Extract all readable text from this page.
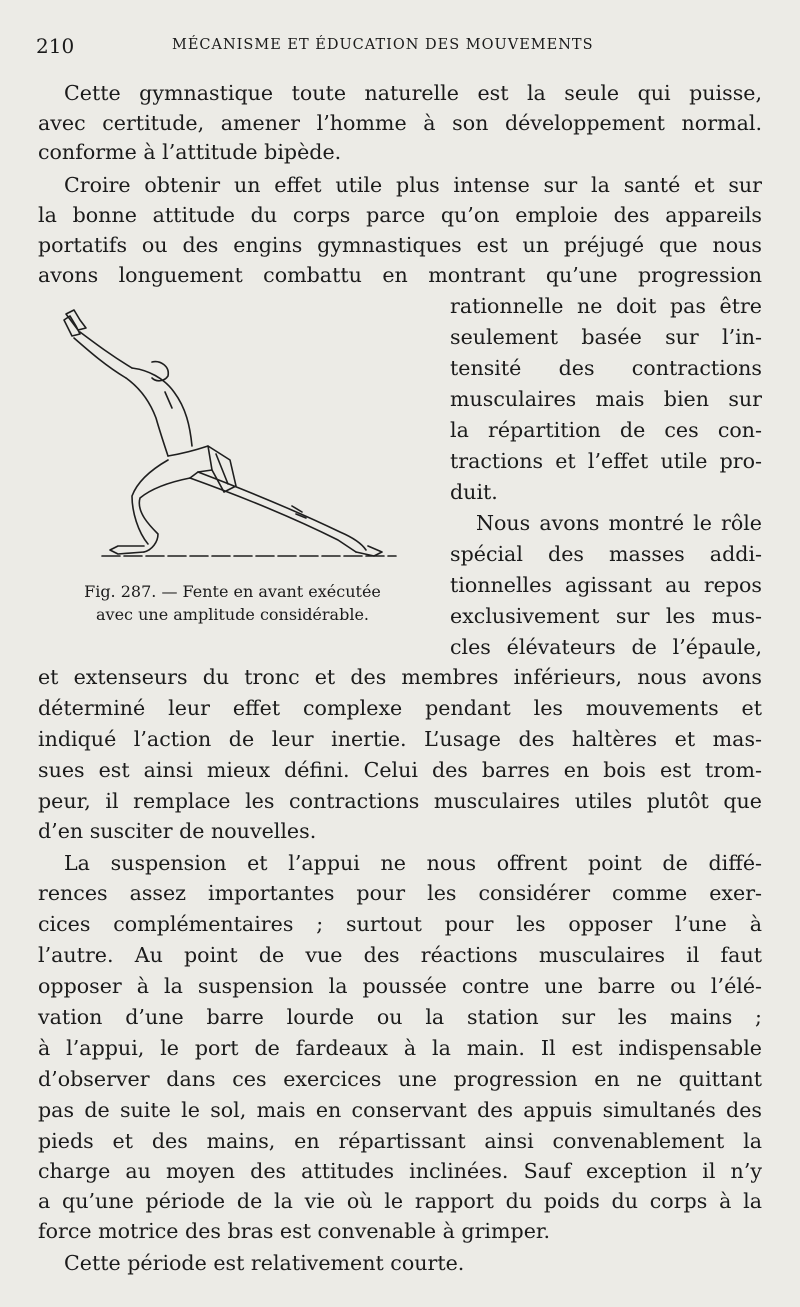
210	MÉCANISME ET ÉDUCATION DES MOUVEMENTS
Cette gymnastique toute naturelle est la seule qui puisse,
avec certitude, amener l’homme à son développement normal.
conforme à l’attitude bipède.
Croire obtenir un effet utile plus intense sur la santé et sur
la bonne attitude du corps parce qu’on emploie des appareils
portatifs ou des engins gymnastiques est un préjugé que nous
avons longuement combattu en montrant qu’une progression
rationnelle ne doit pas être
seulement basée sur l’in-
tensité des contractions
musculaires mais bien sur
la répartition de ces con-
tractions et l’effet utile pro-
duit.
Nous avons montré le rôle
spécial des masses addi-
tionnelles agissant au repos
exclusivement sur les mus-
cles élévateurs de l’épaule,
Fig. 287. — Fente en avant exécutée
avec une amplitude considérable.
et extenseurs du tronc et des membres inférieurs, nous avons
déterminé leur effet complexe pendant les mouvements et
indiqué l’action de leur inertie. L’usage des haltères et mas-
sues est ainsi mieux défini. Celui des barres en bois est trom-
peur, il remplace les contractions musculaires utiles plutôt que
d’en susciter de nouvelles.
La suspension et l’appui ne nous offrent point de diffé-
rences assez importantes pour les considérer comme exer-
cices complémentaires ; surtout pour les opposer l’une à
l’autre. Au point de vue des réactions musculaires il faut
opposer à la suspension la poussée contre une barre ou l’élé-
vation d’une barre lourde ou la station sur les mains ;
à l’appui, le port de fardeaux à la main. Il est indispensable
d’observer dans ces exercices une progression en ne quittant
pas de suite le sol, mais en conservant des appuis simultanés des
pieds et des mains, en répartissant ainsi convenablement la
charge au moyen des attitudes inclinées. Sauf exception il n’y
a qu’une période de la vie où le rapport du poids du corps à la
force motrice des bras est convenable à grimper.
Cette période est relativement courte.
